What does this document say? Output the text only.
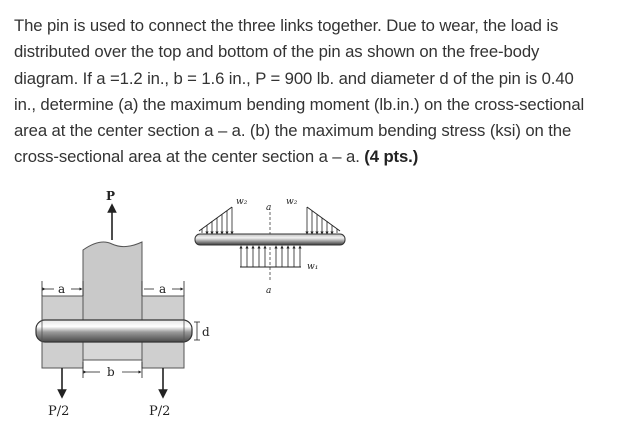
The pin is used to connect the three links together. Due to wear, the load is
distributed over the top and bottom of the pin as shown on the free-body
diagram. If a =1.2 in., b = 1.6 in., P = 900 lb. and diameter d of the pin is 0.40
in., determine (a) the maximum bending moment (lb.in.) on the cross-sectional
area at the center section a – a. (b) the maximum bending stress (ksi) on the
cross-sectional area at the center section a – a. (4 pts.)
P
a	a
b
d
P/2	P/2
w₂	w₂
a
a
w₁
